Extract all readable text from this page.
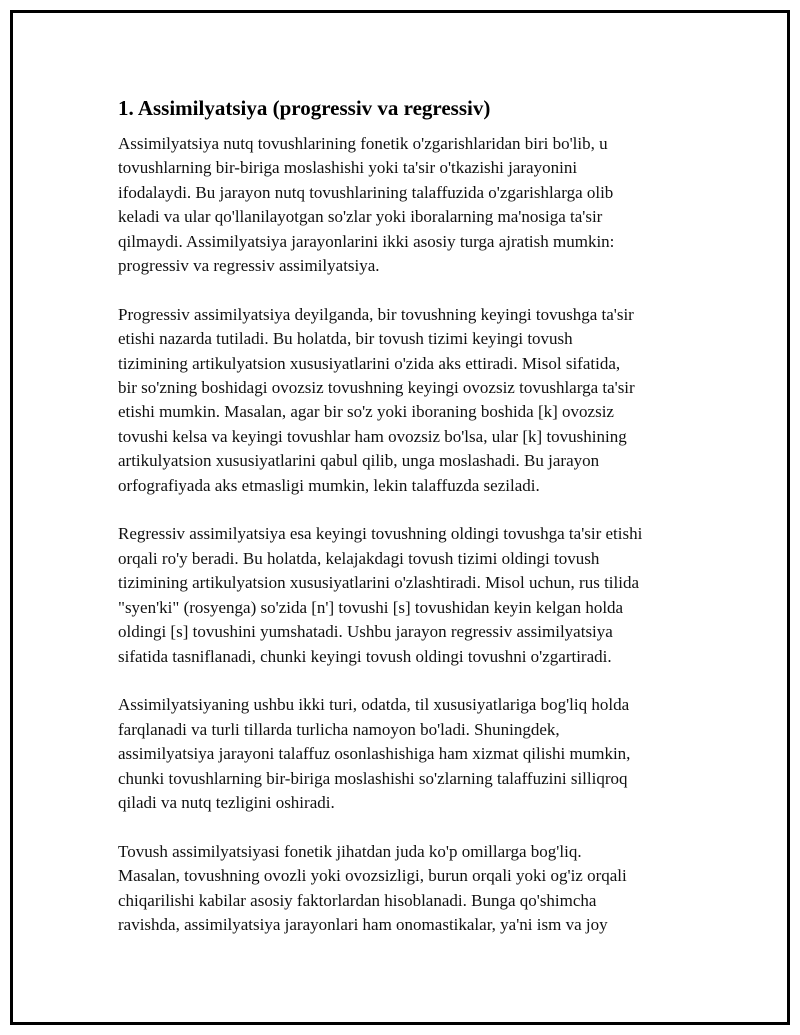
1. Assimilyatsiya (progressiv va regressiv)

Assimilyatsiya nutq tovushlarining fonetik o'zgarishlaridan biri bo'lib, u
tovushlarning bir-biriga moslashishi yoki ta'sir o'tkazishi jarayonini
ifodalaydi. Bu jarayon nutq tovushlarining talaffuzida o'zgarishlarga olib
keladi va ular qo'llanilayotgan so'zlar yoki iboralarning ma'nosiga ta'sir
qilmaydi. Assimilyatsiya jarayonlarini ikki asosiy turga ajratish mumkin:
progressiv va regressiv assimilyatsiya.

Progressiv assimilyatsiya deyilganda, bir tovushning keyingi tovushga ta'sir
etishi nazarda tutiladi. Bu holatda, bir tovush tizimi keyingi tovush
tizimining artikulyatsion xususiyatlarini o'zida aks ettiradi. Misol sifatida,
bir so'zning boshidagi ovozsiz tovushning keyingi ovozsiz tovushlarga ta'sir
etishi mumkin. Masalan, agar bir so'z yoki iboraning boshida [k] ovozsiz
tovushi kelsa va keyingi tovushlar ham ovozsiz bo'lsa, ular [k] tovushining
artikulyatsion xususiyatlarini qabul qilib, unga moslashadi. Bu jarayon
orfografiyada aks etmasligi mumkin, lekin talaffuzda seziladi.

Regressiv assimilyatsiya esa keyingi tovushning oldingi tovushga ta'sir etishi
orqali ro'y beradi. Bu holatda, kelajakdagi tovush tizimi oldingi tovush
tizimining artikulyatsion xususiyatlarini o'zlashtiradi. Misol uchun, rus tilida
"syen'ki" (rosyenga) so'zida [n'] tovushi [s] tovushidan keyin kelgan holda
oldingi [s] tovushini yumshatadi. Ushbu jarayon regressiv assimilyatsiya
sifatida tasniflanadi, chunki keyingi tovush oldingi tovushni o'zgartiradi.

Assimilyatsiyaning ushbu ikki turi, odatda, til xususiyatlariga bog'liq holda
farqlanadi va turli tillarda turlicha namoyon bo'ladi. Shuningdek,
assimilyatsiya jarayoni talaffuz osonlashishiga ham xizmat qilishi mumkin,
chunki tovushlarning bir-biriga moslashishi so'zlarning talaffuzini silliqroq
qiladi va nutq tezligini oshiradi.

Tovush assimilyatsiyasi fonetik jihatdan juda ko'p omillarga bog'liq.
Masalan, tovushning ovozli yoki ovozsizligi, burun orqali yoki og'iz orqali
chiqarilishi kabilar asosiy faktorlardan hisoblanadi. Bunga qo'shimcha
ravishda, assimilyatsiya jarayonlari ham onomastikalar, ya'ni ism va joy
